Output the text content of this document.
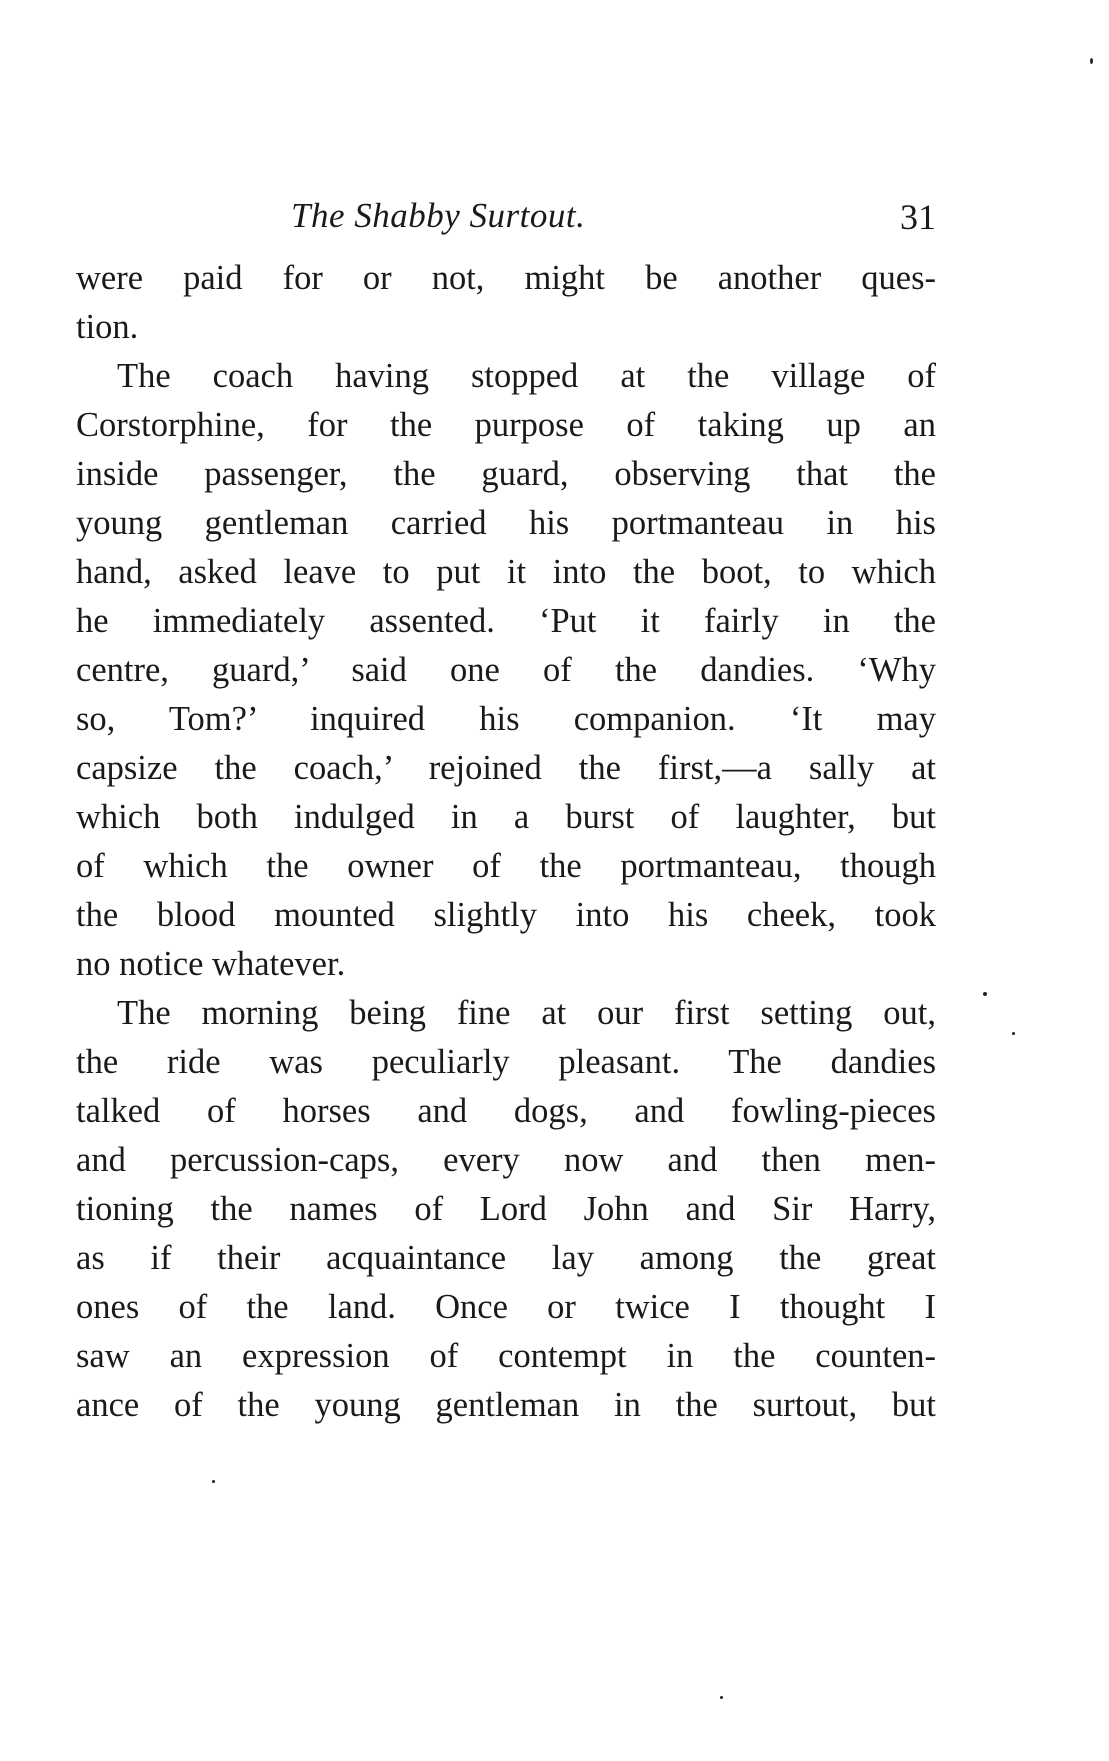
The Shabby Surtout.	31
were paid for or not, might be another ques-
tion.
The coach having stopped at the village of
Corstorphine, for the purpose of taking up an
inside passenger, the guard, observing that the
young gentleman carried his portmanteau in his
hand, asked leave to put it into the boot, to which
he immediately assented. ‘Put it fairly in the
centre, guard,’ said one of the dandies. ‘Why
so, Tom?’ inquired his companion. ‘It may
capsize the coach,’ rejoined the first,—a sally at
which both indulged in a burst of laughter, but
of which the owner of the portmanteau, though
the blood mounted slightly into his cheek, took
no notice whatever.
The morning being fine at our first setting out,
the ride was peculiarly pleasant. The dandies
talked of horses and dogs, and fowling-pieces
and percussion-caps, every now and then men-
tioning the names of Lord John and Sir Harry,
as if their acquaintance lay among the great
ones of the land. Once or twice I thought I
saw an expression of contempt in the counten-
ance of the young gentleman in the surtout, but
